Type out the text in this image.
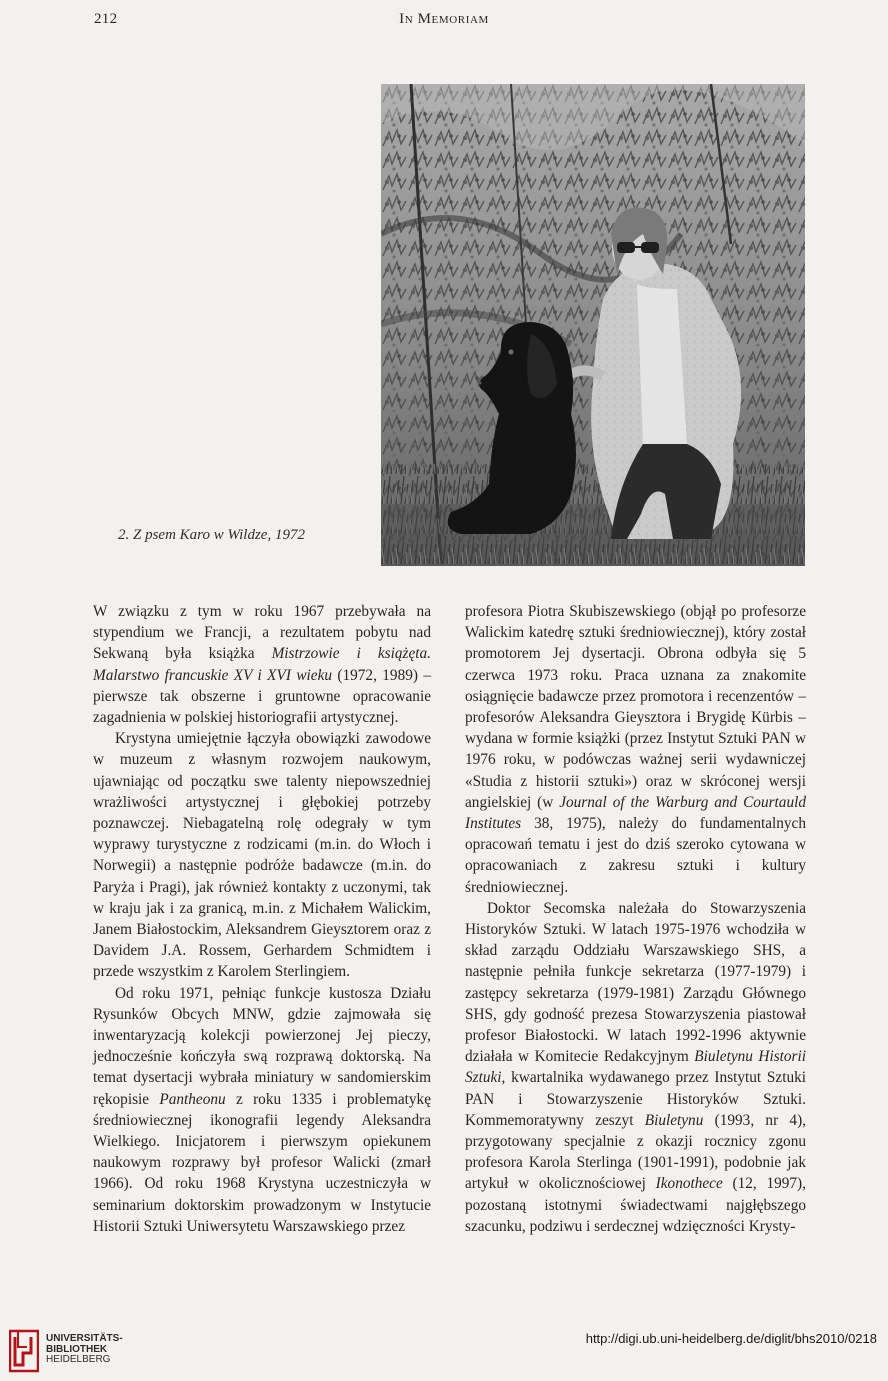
212	In Memoriam
2. Z psem Karo w Wildze, 1972

W związku z tym w roku 1967 przebywała na stypendium we Francji, a rezultatem pobytu nad Sekwaną była książka Mistrzowie i książęta. Malarstwo francuskie XV i XVI wieku (1972, 1989) – pierwsze tak obszerne i gruntowne opracowanie zagadnienia w polskiej historiografii artystycznej.

Krystyna umiejętnie łączyła obowiązki zawodowe w muzeum z własnym rozwojem naukowym, ujawniając od początku swe talenty niepowszedniej wrażliwości artystycznej i głębokiej potrzeby poznawczej. Niebagatelną rolę odegrały w tym wyprawy turystyczne z rodzicami (m.in. do Włoch i Norwegii) a następnie podróże badawcze (m.in. do Paryża i Pragi), jak również kontakty z uczonymi, tak w kraju jak i za granicą, m.in. z Michałem Walickim, Janem Białostockim, Aleksandrem Gieysztorem oraz z Davidem J.A. Rossem, Gerhardem Schmidtem i przede wszystkim z Karolem Sterlingiem.

Od roku 1971, pełniąc funkcje kustosza Działu Rysunków Obcych MNW, gdzie zajmowała się inwentaryzacją kolekcji powierzonej Jej pieczy, jednocześnie kończyła swą rozprawą doktorską. Na temat dysertacji wybrała miniatury w sandomierskim rękopisie Pantheonu z roku 1335 i problematykę średniowiecznej ikonografii legendy Aleksandra Wielkiego. Inicjatorem i pierwszym opiekunem naukowym rozprawy był profesor Walicki (zmarł 1966). Od roku 1968 Krystyna uczestniczyła w seminarium doktorskim prowadzonym w Instytucie Historii Sztuki Uniwersytetu Warszawskiego przez

profesora Piotra Skubiszewskiego (objął po profesorze Walickim katedrę sztuki średniowiecznej), który został promotorem Jej dysertacji. Obrona odbyła się 5 czerwca 1973 roku. Praca uznana za znakomite osiągnięcie badawcze przez promotora i recenzentów – profesorów Aleksandra Gieysztora i Brygidę Kürbis – wydana w formie książki (przez Instytut Sztuki PAN w 1976 roku, w podówczas ważnej serii wydawniczej «Studia z historii sztuki») oraz w skróconej wersji angielskiej (w Journal of the Warburg and Courtauld Institutes 38, 1975), należy do fundamentalnych opracowań tematu i jest do dziś szeroko cytowana w opracowaniach z zakresu sztuki i kultury średniowiecznej.

Doktor Secomska należała do Stowarzyszenia Historyków Sztuki. W latach 1975-1976 wchodziła w skład zarządu Oddziału Warszawskiego SHS, a następnie pełniła funkcje sekretarza (1977-1979) i zastępcy sekretarza (1979-1981) Zarządu Głównego SHS, gdy godność prezesa Stowarzyszenia piastował profesor Białostocki. W latach 1992-1996 aktywnie działała w Komitecie Redakcyjnym Biuletynu Historii Sztuki, kwartalnika wydawanego przez Instytut Sztuki PAN i Stowarzyszenie Historyków Sztuki. Kommemoratywny zeszyt Biuletynu (1993, nr 4), przygotowany specjalnie z okazji rocznicy zgonu profesora Karola Sterlinga (1901-1991), podobnie jak artykuł w okolicznościowej Ikonothece (12, 1997), pozostaną istotnymi świadectwami najgłębszego szacunku, podziwu i serdecznej wdzięczności Krysty-

UNIVERSITÄTS-
BIBLIOTHEK
HEIDELBERG
http://digi.ub.uni-heidelberg.de/diglit/bhs2010/0218
